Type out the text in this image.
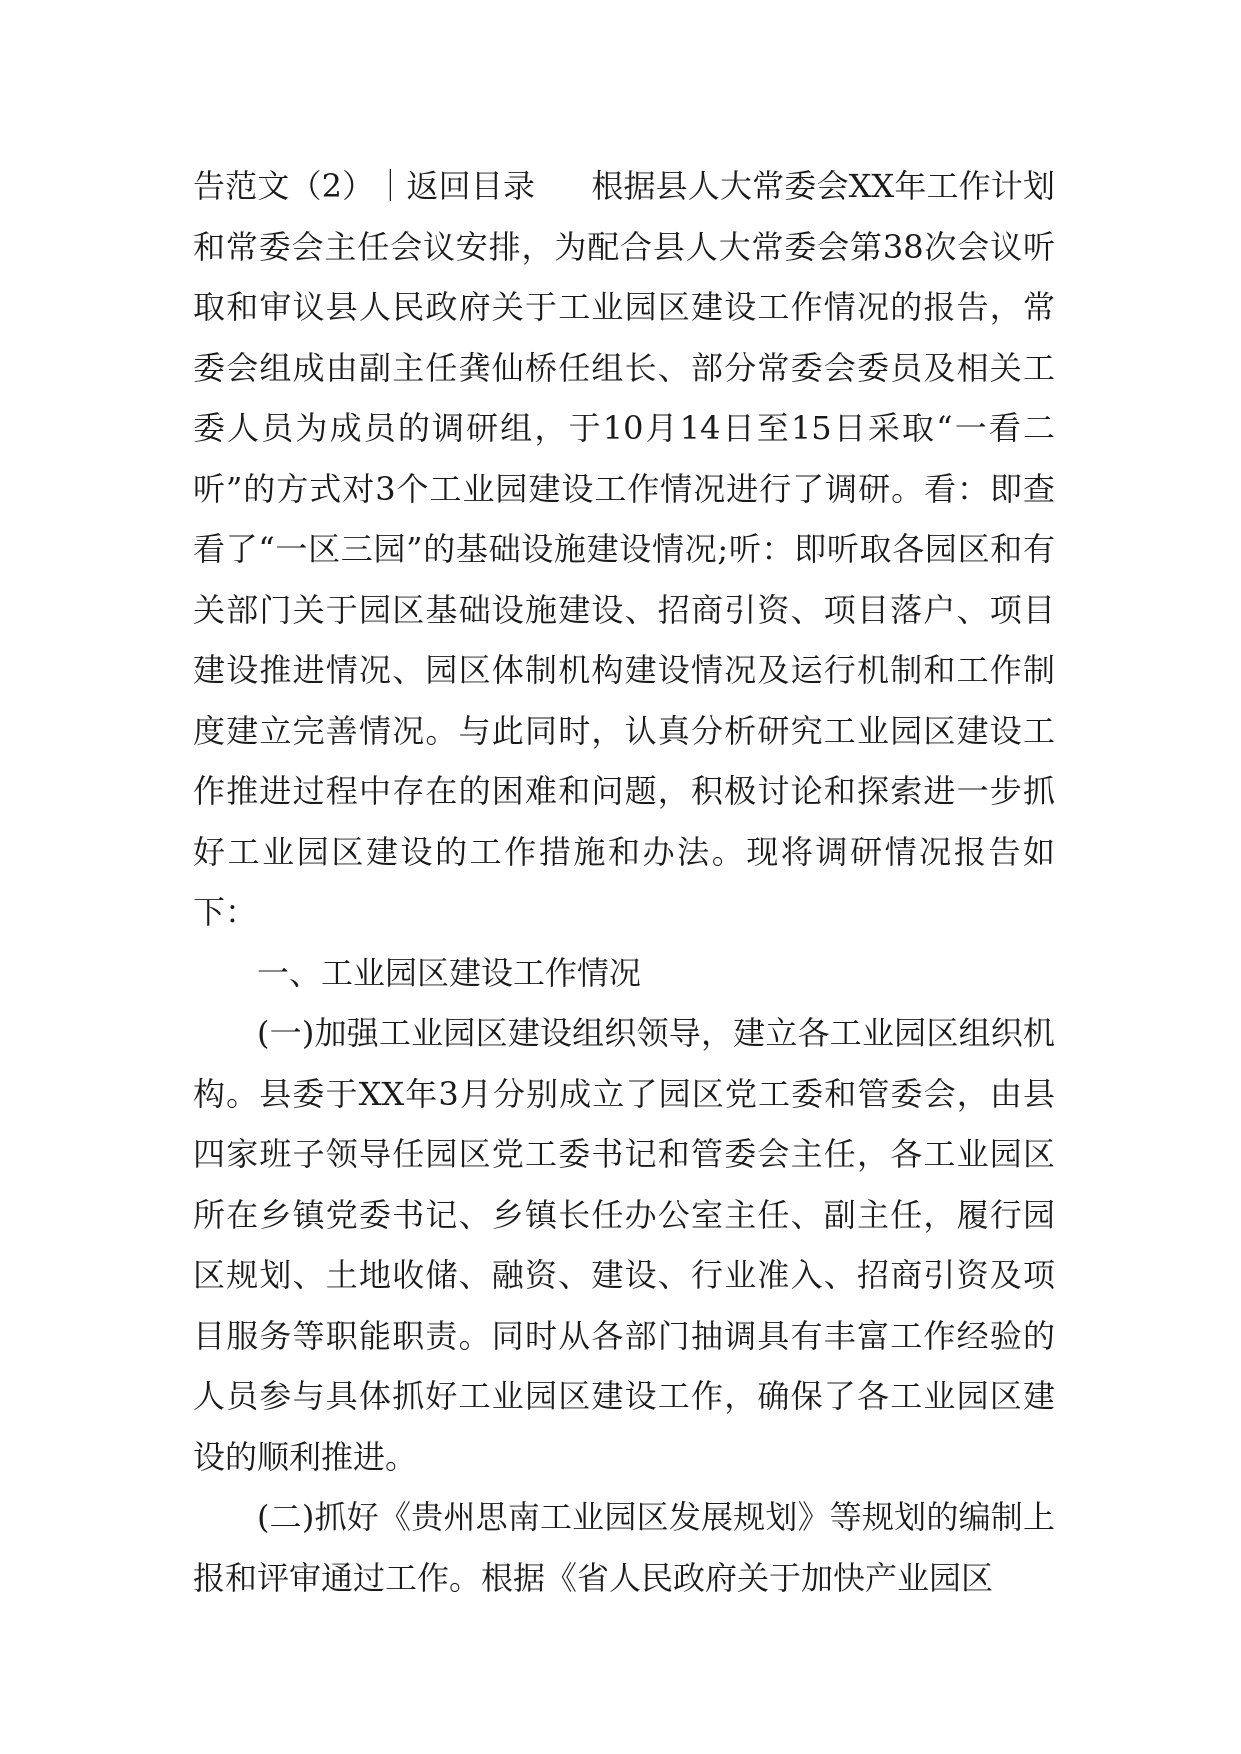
告范文（2）｜返回目录 根据县人大常委会XX年工作计划和常委会主任会议安排，为配合县人大常委会第38次会议听取和审议县人民政府关于工业园区建设工作情况的报告，常委会组成由副主任龚仙桥任组长、部分常委会委员及相关工委人员为成员的调研组，于10月14日至15日采取“一看二听”的方式对3个工业园建设工作情况进行了调研。看：即查看了“一区三园”的基础设施建设情况;听：即听取各园区和有关部门关于园区基础设施建设、招商引资、项目落户、项目建设推进情况、园区体制机构建设情况及运行机制和工作制度建立完善情况。与此同时，认真分析研究工业园区建设工作推进过程中存在的困难和问题，积极讨论和探索进一步抓好工业园区建设的工作措施和办法。现将调研情况报告如下：

一、工业园区建设工作情况

(一)加强工业园区建设组织领导，建立各工业园区组织机构。县委于XX年3月分别成立了园区党工委和管委会，由县四家班子领导任园区党工委书记和管委会主任，各工业园区所在乡镇党委书记、乡镇长任办公室主任、副主任，履行园区规划、土地收储、融资、建设、行业准入、招商引资及项目服务等职能职责。同时从各部门抽调具有丰富工作经验的人员参与具体抓好工业园区建设工作，确保了各工业园区建设的顺利推进。

(二)抓好《贵州思南工业园区发展规划》等规划的编制上报和评审通过工作。根据《省人民政府关于加快产业园区
